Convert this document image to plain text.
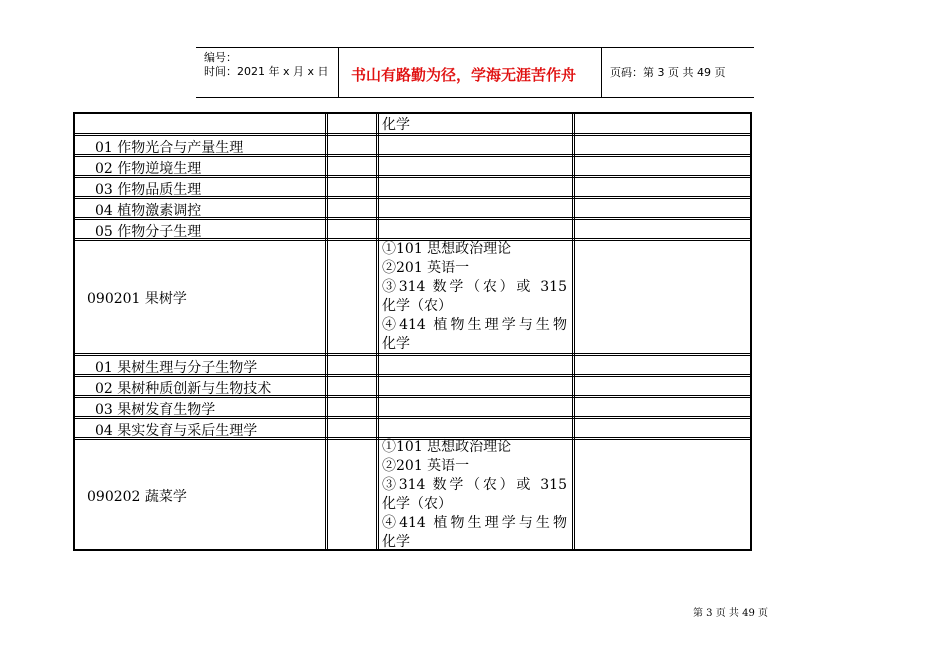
编号：
时间：2021 年 x 月 x 日 书山有路勤为径，学海无涯苦作舟	页码：第 3 页 共 49 页
化学
01 作物光合与产量生理
02 作物逆境生理
03 作物品质生理
04 植物激素调控
05 作物分子生理
090201 果树学
①101 思想政治理论
②201 英语一
③314 数学（农）或 315
化学（农）
④414 植物生理学与生物
化学
01 果树生理与分子生物学
02 果树种质创新与生物技术
03 果树发育生物学
04 果实发育与采后生理学
090202 蔬菜学
①101 思想政治理论
②201 英语一
③314 数学（农）或 315
化学（农）
④414 植物生理学与生物
化学
第 3 页 共 49 页
